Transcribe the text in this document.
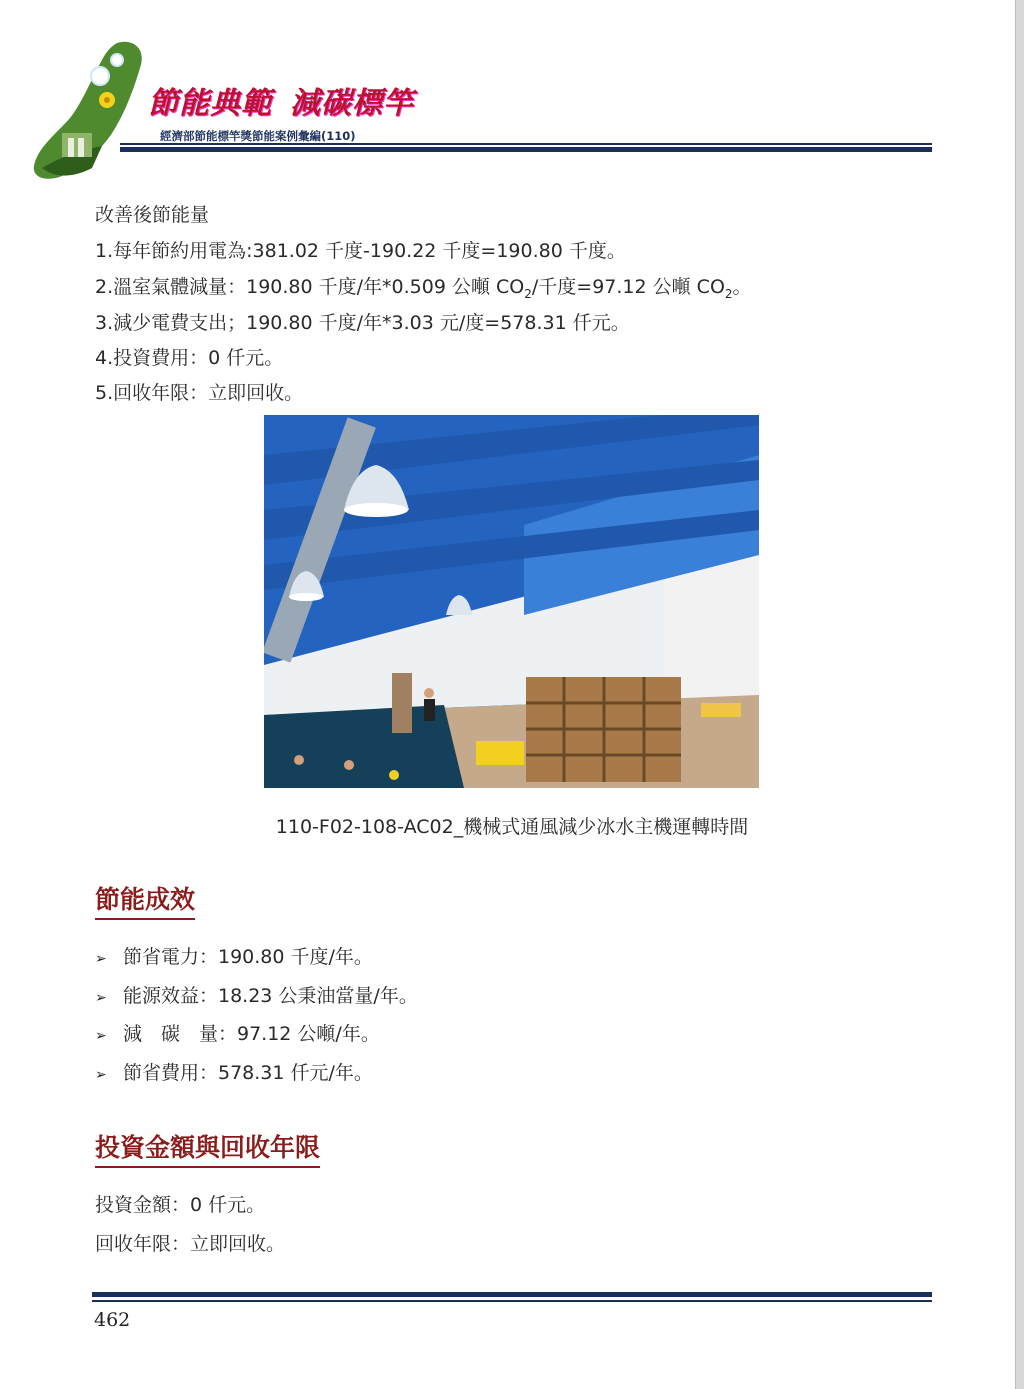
節能典範 減碳標竿
經濟部節能標竿獎節能案例彙編(110)
改善後節能量
1.每年節約用電為:381.02 千度-190.22 千度=190.80 千度。
2.溫室氣體減量：190.80 千度/年*0.509 公噸 $CO_2/$千度=97.12 公噸 $CO_2$。
3.減少電費支出；190.80 千度/年*3.03 元/度=578.31 仟元。
4.投資費用：0 仟元。
5.回收年限：立即回收。
110-F02-108-AC02_機械式通風減少冰水主機運轉時間
節能成效
➢ 節省電力：190.80 千度/年。
➢ 能源效益：18.23 公秉油當量/年。
➢ 減　碳　量：97.12 公噸/年。
➢ 節省費用：578.31 仟元/年。
投資金額與回收年限
投資金額：0 仟元。
回收年限：立即回收。
462
